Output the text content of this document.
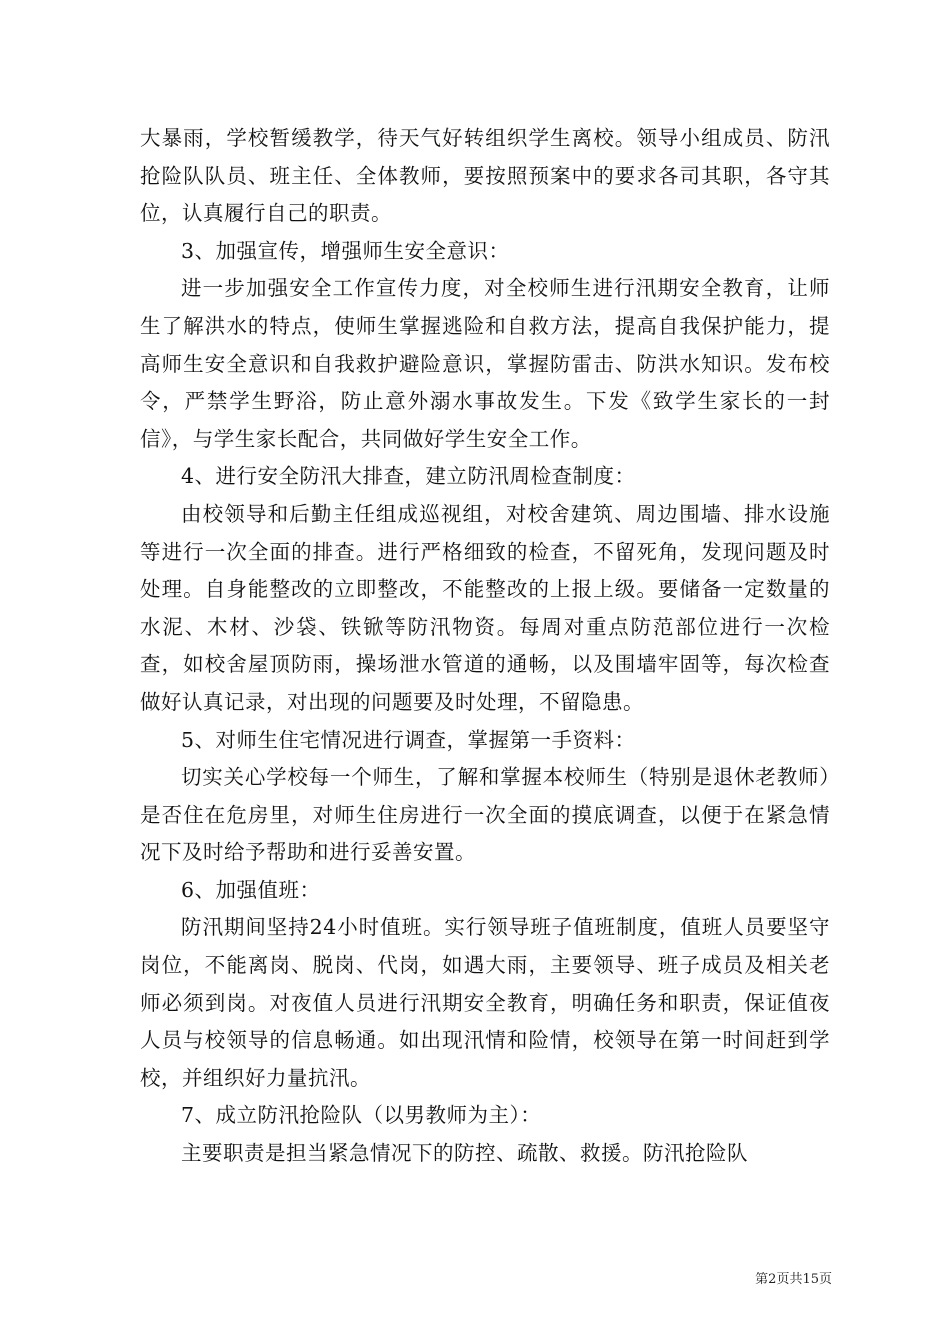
大暴雨，学校暂缓教学，待天气好转组织学生离校。领导小组成员、防汛抢险队队员、班主任、全体教师，要按照预案中的要求各司其职，各守其位，认真履行自己的职责。

3、加强宣传，增强师生安全意识：

进一步加强安全工作宣传力度，对全校师生进行汛期安全教育，让师生了解洪水的特点，使师生掌握逃险和自救方法，提高自我保护能力，提高师生安全意识和自我救护避险意识，掌握防雷击、防洪水知识。发布校令，严禁学生野浴，防止意外溺水事故发生。下发《致学生家长的一封信》，与学生家长配合，共同做好学生安全工作。

4、进行安全防汛大排查，建立防汛周检查制度：

由校领导和后勤主任组成巡视组，对校舍建筑、周边围墙、排水设施等进行一次全面的排查。进行严格细致的检查，不留死角，发现问题及时处理。自身能整改的立即整改，不能整改的上报上级。要储备一定数量的水泥、木材、沙袋、铁锨等防汛物资。每周对重点防范部位进行一次检查，如校舍屋顶防雨，操场泄水管道的通畅，以及围墙牢固等，每次检查做好认真记录，对出现的问题要及时处理，不留隐患。

5、对师生住宅情况进行调查，掌握第一手资料：

切实关心学校每一个师生，了解和掌握本校师生（特别是退休老教师）是否住在危房里，对师生住房进行一次全面的摸底调查，以便于在紧急情况下及时给予帮助和进行妥善安置。

6、加强值班：

防汛期间坚持24小时值班。实行领导班子值班制度，值班人员要坚守岗位，不能离岗、脱岗、代岗，如遇大雨，主要领导、班子成员及相关老师必须到岗。对夜值人员进行汛期安全教育，明确任务和职责，保证值夜人员与校领导的信息畅通。如出现汛情和险情，校领导在第一时间赶到学校，并组织好力量抗汛。

7、成立防汛抢险队（以男教师为主）：

主要职责是担当紧急情况下的防控、疏散、救援。防汛抢险队

第2页共15页
